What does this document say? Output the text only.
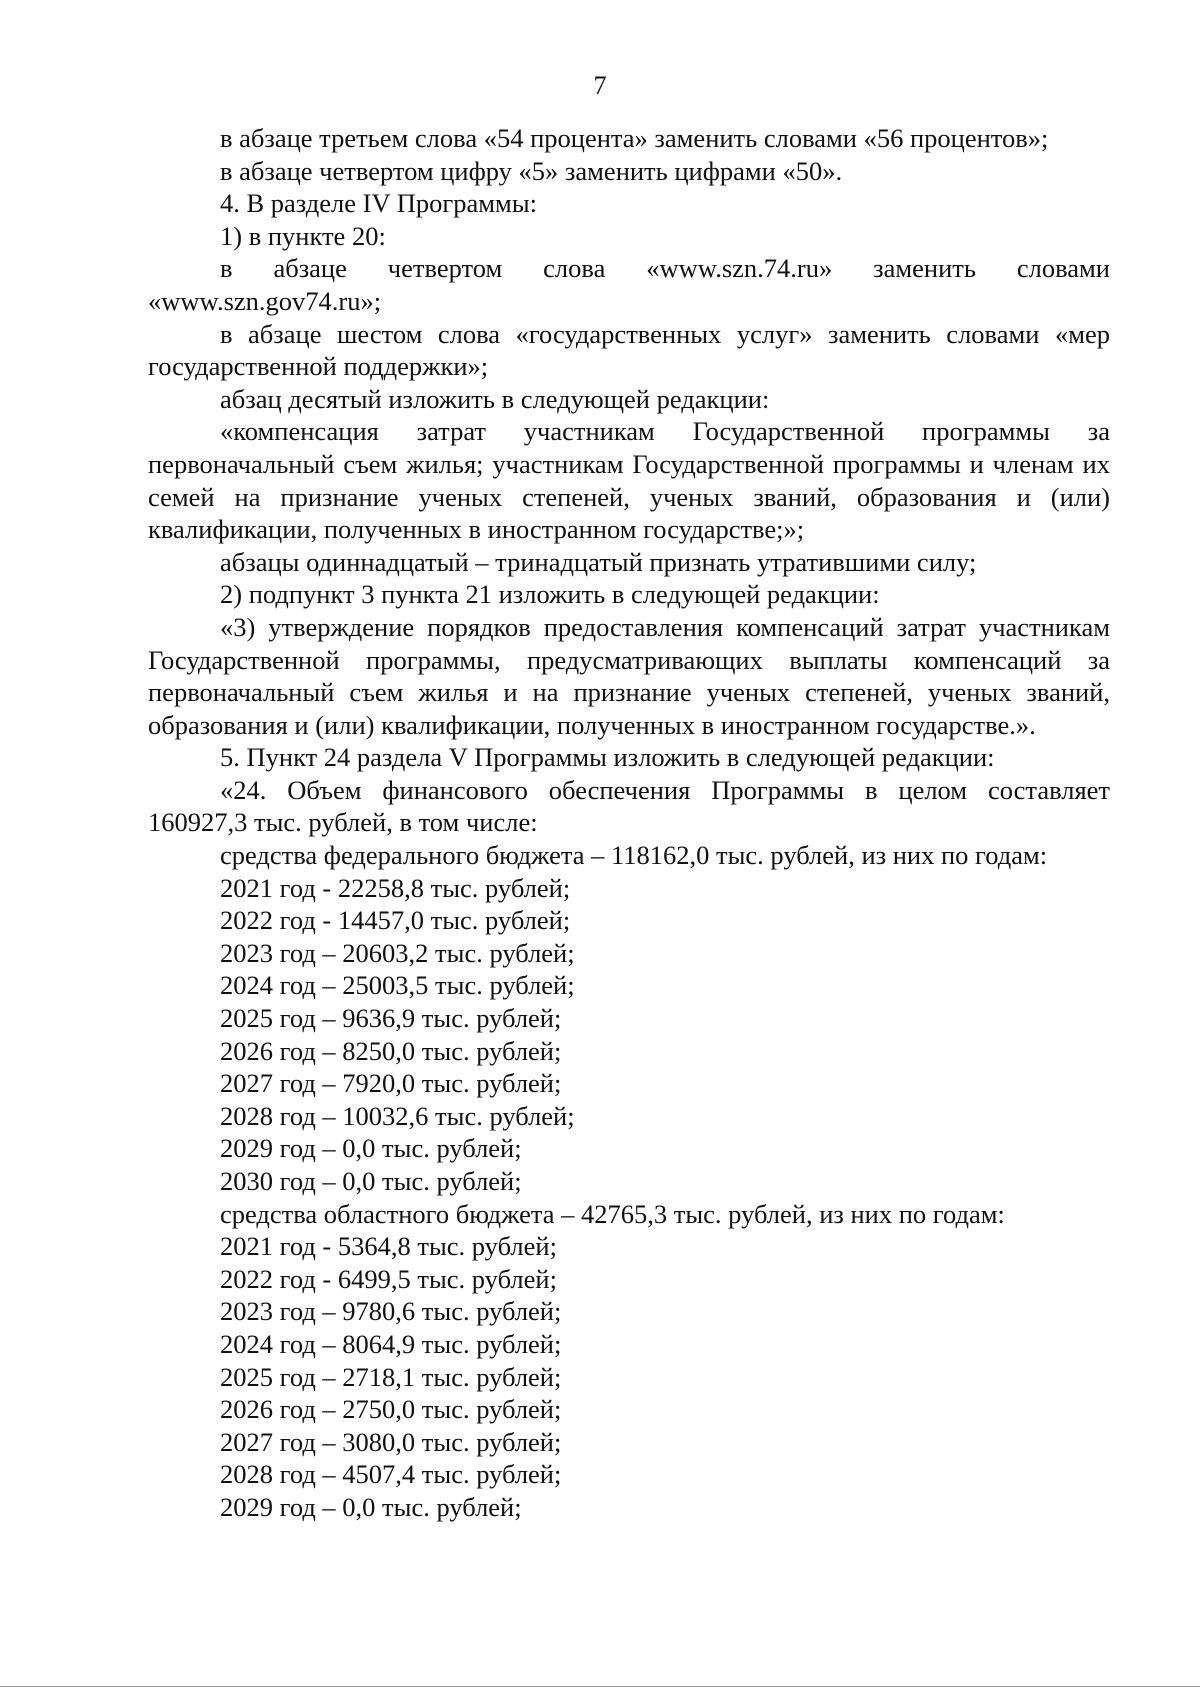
7

в абзаце третьем слова «54 процента» заменить словами «56 процентов»;

в абзаце четвертом цифру «5» заменить цифрами «50».

4. В разделе IV Программы:

1) в пункте 20:

в абзаце четвертом слова «www.szn.74.ru» заменить словами «www.szn.gov74.ru»;

в абзаце шестом слова «государственных услуг» заменить словами «мер государственной поддержки»;

абзац десятый изложить в следующей редакции:

«компенсация затрат участникам Государственной программы за первоначальный съем жилья; участникам Государственной программы и членам их семей на признание ученых степеней, ученых званий, образования и (или) квалификации, полученных в иностранном государстве;»;

абзацы одиннадцатый – тринадцатый признать утратившими силу;

2) подпункт 3 пункта 21 изложить в следующей редакции:

«3) утверждение порядков предоставления компенсаций затрат участникам Государственной программы, предусматривающих выплаты компенсаций за первоначальный съем жилья и на признание ученых степеней, ученых званий, образования и (или) квалификации, полученных в иностранном государстве.».

5. Пункт 24 раздела V Программы изложить в следующей редакции:

«24. Объем финансового обеспечения Программы в целом составляет 160927,3 тыс. рублей, в том числе:

средства федерального бюджета – 118162,0 тыс. рублей, из них по годам:

2021 год - 22258,8 тыс. рублей;

2022 год - 14457,0 тыс. рублей;

2023 год – 20603,2 тыс. рублей;

2024 год – 25003,5 тыс. рублей;

2025 год – 9636,9 тыс. рублей;

2026 год – 8250,0 тыс. рублей;

2027 год – 7920,0 тыс. рублей;

2028 год – 10032,6 тыс. рублей;

2029 год – 0,0 тыс. рублей;

2030 год – 0,0 тыс. рублей;

средства областного бюджета – 42765,3 тыс. рублей, из них по годам:

2021 год - 5364,8 тыс. рублей;

2022 год - 6499,5 тыс. рублей;

2023 год – 9780,6 тыс. рублей;

2024 год – 8064,9 тыс. рублей;

2025 год – 2718,1 тыс. рублей;

2026 год – 2750,0 тыс. рублей;

2027 год – 3080,0 тыс. рублей;

2028 год – 4507,4 тыс. рублей;

2029 год – 0,0 тыс. рублей;
